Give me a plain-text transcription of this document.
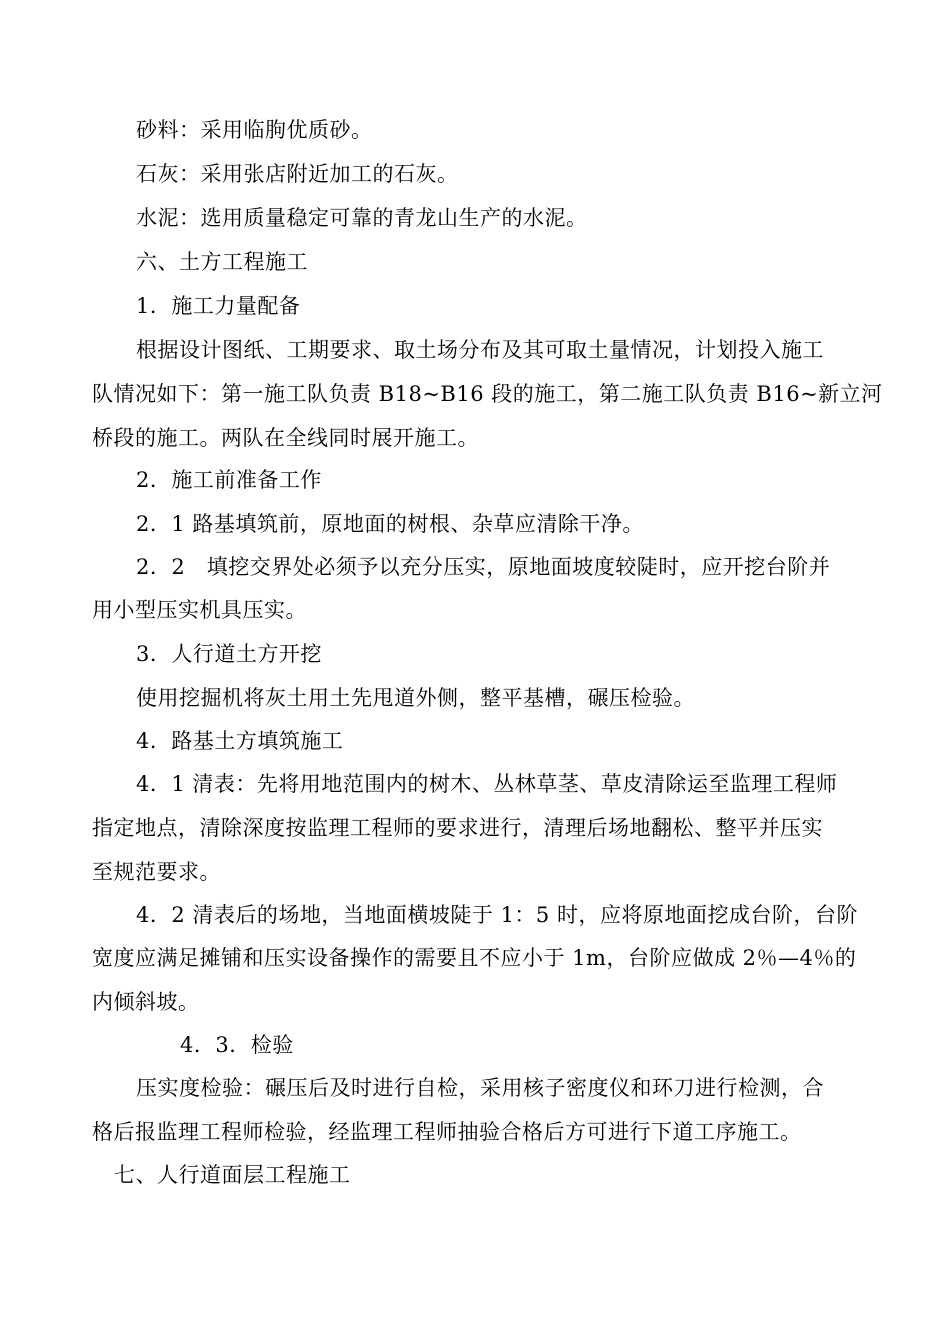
砂料：采用临朐优质砂。
石灰：采用张店附近加工的石灰。
水泥：选用质量稳定可靠的青龙山生产的水泥。
六、土方工程施工
1．施工力量配备
根据设计图纸、工期要求、取土场分布及其可取土量情况，计划投入施工
队情况如下：第一施工队负责 B18~B16 段的施工，第二施工队负责 B16~新立河
桥段的施工。两队在全线同时展开施工。
2．施工前准备工作
2．1 路基填筑前，原地面的树根、杂草应清除干净。
2．2　填挖交界处必须予以充分压实，原地面坡度较陡时，应开挖台阶并
用小型压实机具压实。
3．人行道土方开挖
使用挖掘机将灰土用土先甩道外侧，整平基槽，碾压检验。
4．路基土方填筑施工
4．1 清表：先将用地范围内的树木、丛林草茎、草皮清除运至监理工程师
指定地点，清除深度按监理工程师的要求进行，清理后场地翻松、整平并压实
至规范要求。
4．2 清表后的场地，当地面横坡陡于 1：5 时，应将原地面挖成台阶，台阶
宽度应满足摊铺和压实设备操作的需要且不应小于 1m，台阶应做成 2％—4％的
内倾斜坡。
4．3．检验
压实度检验：碾压后及时进行自检，采用核子密度仪和环刀进行检测，合
格后报监理工程师检验，经监理工程师抽验合格后方可进行下道工序施工。
七、人行道面层工程施工
